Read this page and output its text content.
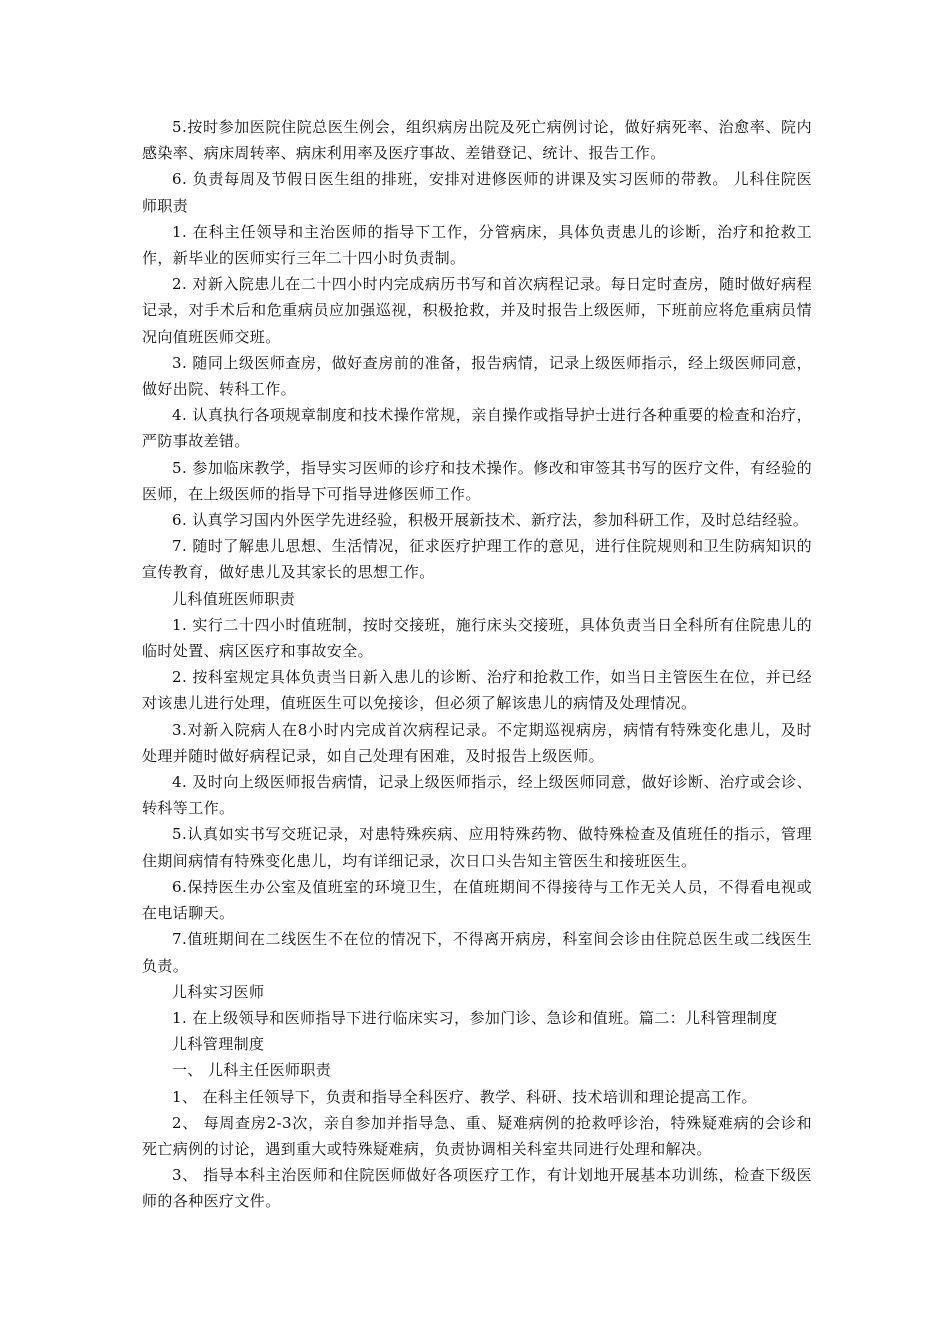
5.按时参加医院住院总医生例会，组织病房出院及死亡病例讨论，做好病死率、治愈率、院内感染率、病床周转率、病床利用率及医疗事故、差错登记、统计、报告工作。

6. 负责每周及节假日医生组的排班，安排对进修医师的讲课及实习医师的带教。 儿科住院医师职责

1. 在科主任领导和主治医师的指导下工作，分管病床，具体负责患儿的诊断，治疗和抢救工作，新毕业的医师实行三年二十四小时负责制。

2. 对新入院患儿在二十四小时内完成病历书写和首次病程记录。每日定时查房，随时做好病程记录，对手术后和危重病员应加强巡视，积极抢救，并及时报告上级医师，下班前应将危重病员情况向值班医师交班。

3. 随同上级医师查房，做好查房前的准备，报告病情，记录上级医师指示，经上级医师同意，做好出院、转科工作。

4. 认真执行各项规章制度和技术操作常规，亲自操作或指导护士进行各种重要的检查和治疗，严防事故差错。

5. 参加临床教学，指导实习医师的诊疗和技术操作。修改和审签其书写的医疗文件，有经验的医师，在上级医师的指导下可指导进修医师工作。

6. 认真学习国内外医学先进经验，积极开展新技术、新疗法，参加科研工作，及时总结经验。

7. 随时了解患儿思想、生活情况，征求医疗护理工作的意见，进行住院规则和卫生防病知识的宣传教育，做好患儿及其家长的思想工作。

儿科值班医师职责

1. 实行二十四小时值班制，按时交接班，施行床头交接班，具体负责当日全科所有住院患儿的临时处置、病区医疗和事故安全。

2. 按科室规定具体负责当日新入患儿的诊断、治疗和抢救工作，如当日主管医生在位，并已经对该患儿进行处理，值班医生可以免接诊，但必须了解该患儿的病情及处理情况。

3.对新入院病人在8小时内完成首次病程记录。不定期巡视病房，病情有特殊变化患儿，及时处理并随时做好病程记录，如自己处理有困难，及时报告上级医师。

4. 及时向上级医师报告病情，记录上级医师指示，经上级医师同意，做好诊断、治疗或会诊、转科等工作。

5.认真如实书写交班记录，对患特殊疾病、应用特殊药物、做特殊检查及值班任的指示，管理住期间病情有特殊变化患儿，均有详细记录，次日口头告知主管医生和接班医生。

6.保持医生办公室及值班室的环境卫生，在值班期间不得接待与工作无关人员，不得看电视或在电话聊天。

7.值班期间在二线医生不在位的情况下，不得离开病房，科室间会诊由住院总医生或二线医生负责。

儿科实习医师

1. 在上级领导和医师指导下进行临床实习，参加门诊、急诊和值班。篇二：儿科管理制度

儿科管理制度

一、 儿科主任医师职责

1、 在科主任领导下，负责和指导全科医疗、教学、科研、技术培训和理论提高工作。

2、 每周查房2-3次，亲自参加并指导急、重、疑难病例的抢救呼诊治，特殊疑难病的会诊和死亡病例的讨论，遇到重大或特殊疑难病，负责协调相关科室共同进行处理和解决。

3、 指导本科主治医师和住院医师做好各项医疗工作，有计划地开展基本功训练，检查下级医师的各种医疗文件。
